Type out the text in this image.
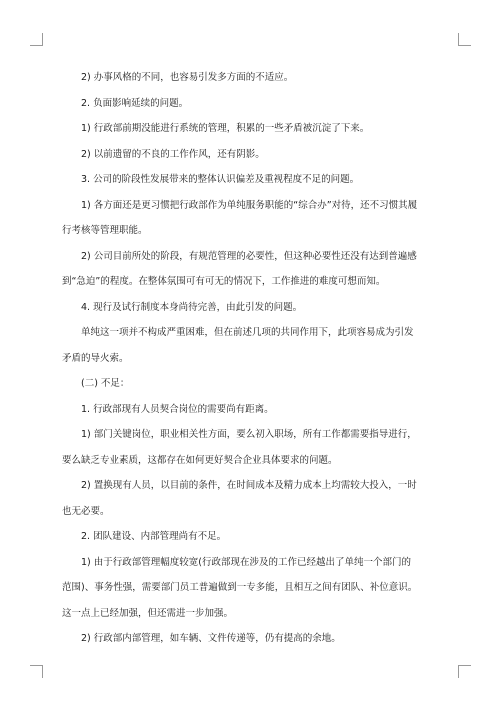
2) 办事风格的不同，也容易引发多方面的不适应。
2. 负面影响延续的问题。
1) 行政部前期没能进行系统的管理，积累的一些矛盾被沉淀了下来。
2) 以前遗留的不良的工作作风，还有阴影。
3. 公司的阶段性发展带来的整体认识偏差及重视程度不足的问题。
1) 各方面还是更习惯把行政部作为单纯服务职能的“综合办”对待，还不习惯其履
行考核等管理职能。
2) 公司目前所处的阶段，有规范管理的必要性，但这种必要性还没有达到普遍感
到“急迫”的程度。在整体氛围可有可无的情况下，工作推进的难度可想而知。
4. 现行及试行制度本身尚待完善，由此引发的问题。
单纯这一项并不构成严重困难，但在前述几项的共同作用下，此项容易成为引发
矛盾的导火索。
(二) 不足：
1. 行政部现有人员契合岗位的需要尚有距离。
1) 部门关键岗位，职业相关性方面，要么初入职场，所有工作都需要指导进行，
要么缺乏专业素质，这都存在如何更好契合企业具体要求的问题。
2) 置换现有人员，以目前的条件，在时间成本及精力成本上均需较大投入，一时
也无必要。
2. 团队建设、内部管理尚有不足。
1) 由于行政部管理幅度较宽(行政部现在涉及的工作已经越出了单纯一个部门的
范围)、事务性强，需要部门员工普遍做到一专多能，且相互之间有团队、补位意识。
这一点上已经加强，但还需进一步加强。
2) 行政部内部管理，如车辆、文件传递等，仍有提高的余地。
